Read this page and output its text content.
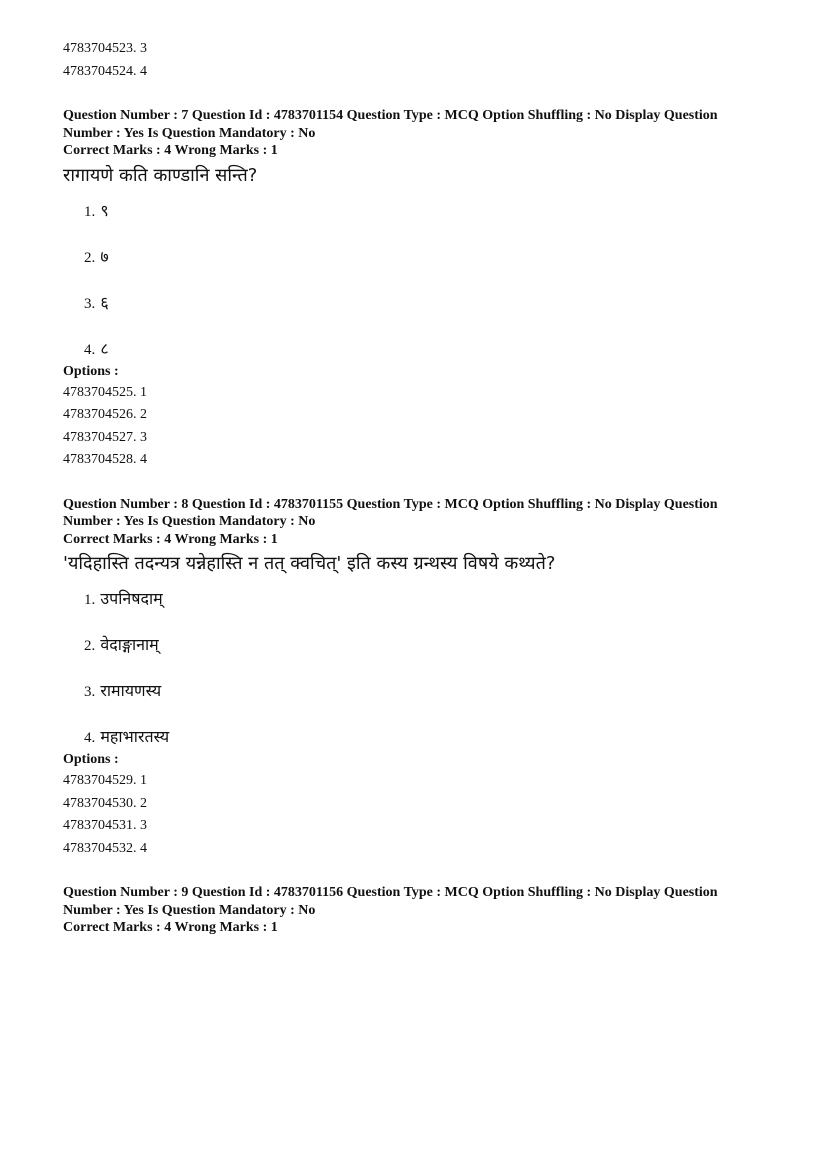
4783704523. 3
4783704524. 4
Question Number : 7 Question Id : 4783701154 Question Type : MCQ Option Shuffling : No Display Question
Number : Yes Is Question Mandatory : No
Correct Marks : 4 Wrong Marks : 1
रागायणे कति काण्डानि सन्ति?
1. ९
2. ७
3. ६
4. ८
Options :
4783704525. 1
4783704526. 2
4783704527. 3
4783704528. 4
Question Number : 8 Question Id : 4783701155 Question Type : MCQ Option Shuffling : No Display Question
Number : Yes Is Question Mandatory : No
Correct Marks : 4 Wrong Marks : 1
'यदिहास्ति तदन्यत्र यन्नेहास्ति न तत् क्वचित्' इति कस्य ग्रन्थस्य विषये कथ्यते?
1. उपनिषदाम्
2. वेदाङ्गानाम्
3. रामायणस्य
4. महाभारतस्य
Options :
4783704529. 1
4783704530. 2
4783704531. 3
4783704532. 4
Question Number : 9 Question Id : 4783701156 Question Type : MCQ Option Shuffling : No Display Question
Number : Yes Is Question Mandatory : No
Correct Marks : 4 Wrong Marks : 1
